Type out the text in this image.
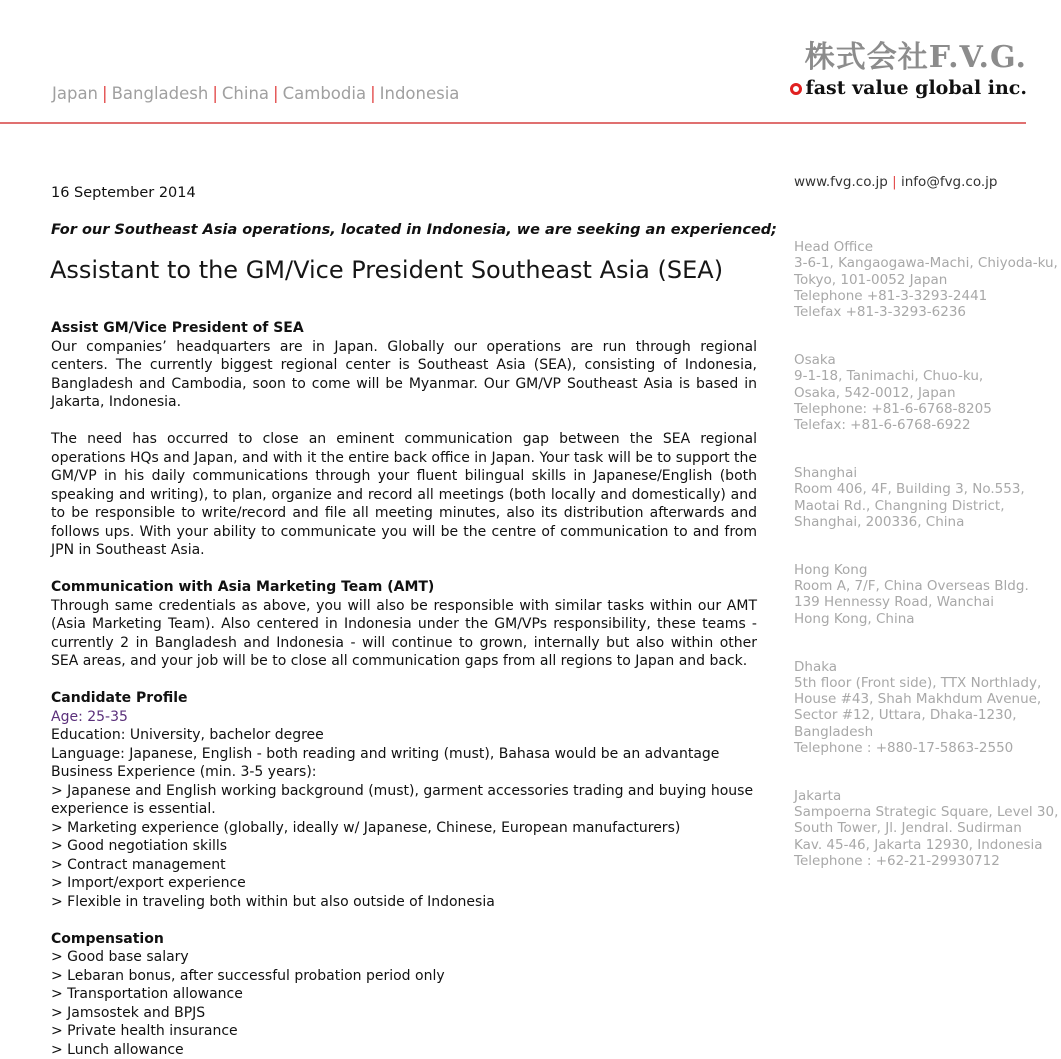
Japan | Bangladesh | China | Cambodia | Indonesia
株式会社F.V.G.
fast value global inc.
16 September 2014
For our Southeast Asia operations, located in Indonesia, we are seeking an experienced;
Assistant to the GM/Vice President Southeast Asia (SEA)
Assist GM/Vice President of SEA

Our companies’ headquarters are in Japan. Globally our operations are run through regional centers. The currently biggest regional center is Southeast Asia (SEA), consisting of Indonesia, Bangladesh and Cambodia, soon to come will be Myanmar. Our GM/VP Southeast Asia is based in Jakarta, Indonesia.

The need has occurred to close an eminent communication gap between the SEA regional operations HQs and Japan, and with it the entire back office in Japan. Your task will be to support the GM/VP in his daily communications through your fluent bilingual skills in Japanese/English (both speaking and writing), to plan, organize and record all meetings (both locally and domestically) and to be responsible to write/record and file all meeting minutes, also its distribution afterwards and follows ups. With your ability to communicate you will be the centre of communication to and from JPN in Southeast Asia.

Communication with Asia Marketing Team (AMT)

Through same credentials as above, you will also be responsible with similar tasks within our AMT (Asia Marketing Team). Also centered in Indonesia under the GM/VPs responsibility, these teams - currently 2 in Bangladesh and Indonesia - will continue to grown, internally but also within other SEA areas, and your job will be to close all communication gaps from all regions to Japan and back.

Candidate Profile
Age: 25-35
Education: University, bachelor degree
Language: Japanese, English - both reading and writing (must), Bahasa would be an advantage
Business Experience (min. 3-5 years):
> Japanese and English working background (must), garment accessories trading and buying house experience is essential.
> Marketing experience (globally, ideally w/ Japanese, Chinese, European manufacturers)
> Good negotiation skills
> Contract management
> Import/export experience
> Flexible in traveling both within but also outside of Indonesia
Compensation
> Good base salary
> Lebaran bonus, after successful probation period only
> Transportation allowance
> Jamsostek and BPJS
> Private health insurance
> Lunch allowance
www.fvg.co.jp | info@fvg.co.jp
Head Office
3-6-1, Kangaogawa-Machi, Chiyoda-ku,
Tokyo, 101-0052 Japan
Telephone +81-3-3293-2441
Telefax +81-3-3293-6236
Osaka
9-1-18, Tanimachi, Chuo-ku,
Osaka, 542-0012, Japan
Telephone: +81-6-6768-8205
Telefax: +81-6-6768-6922
Shanghai
Room 406, 4F, Building 3, No.553,
Maotai Rd., Changning District,
Shanghai, 200336, China
Hong Kong
Room A, 7/F, China Overseas Bldg.
139 Hennessy Road, Wanchai
Hong Kong, China
Dhaka
5th floor (Front side), TTX Northlady,
House #43, Shah Makhdum Avenue,
Sector #12, Uttara, Dhaka-1230,
Bangladesh
Telephone : +880-17-5863-2550
Jakarta
Sampoerna Strategic Square, Level 30,
South Tower, Jl. Jendral. Sudirman
Kav. 45-46, Jakarta 12930, Indonesia
Telephone : +62-21-29930712
